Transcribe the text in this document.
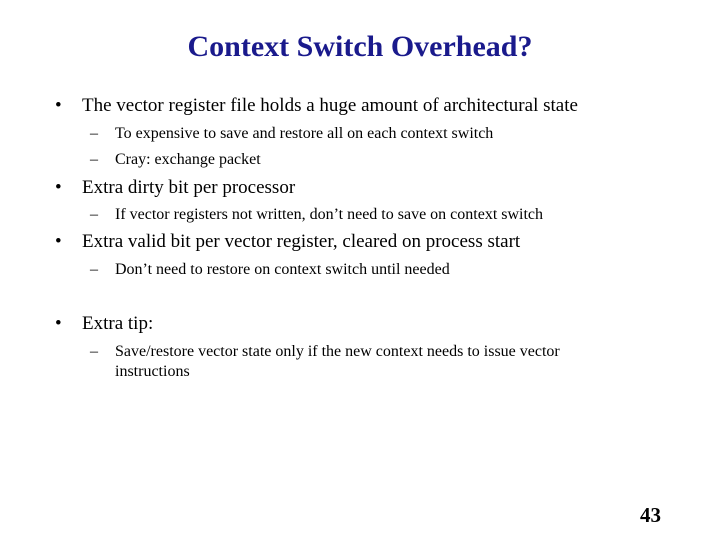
Context Switch Overhead?
• The vector register file holds a huge amount of architectural state
– To expensive to save and restore all on each context switch
– Cray: exchange packet
• Extra dirty bit per processor
– If vector registers not written, don’t need to save on context switch
• Extra valid bit per vector register, cleared on process start
– Don’t need to restore on context switch until needed
• Extra tip:
– Save/restore vector state only if the new context needs to issue vector instructions
43
